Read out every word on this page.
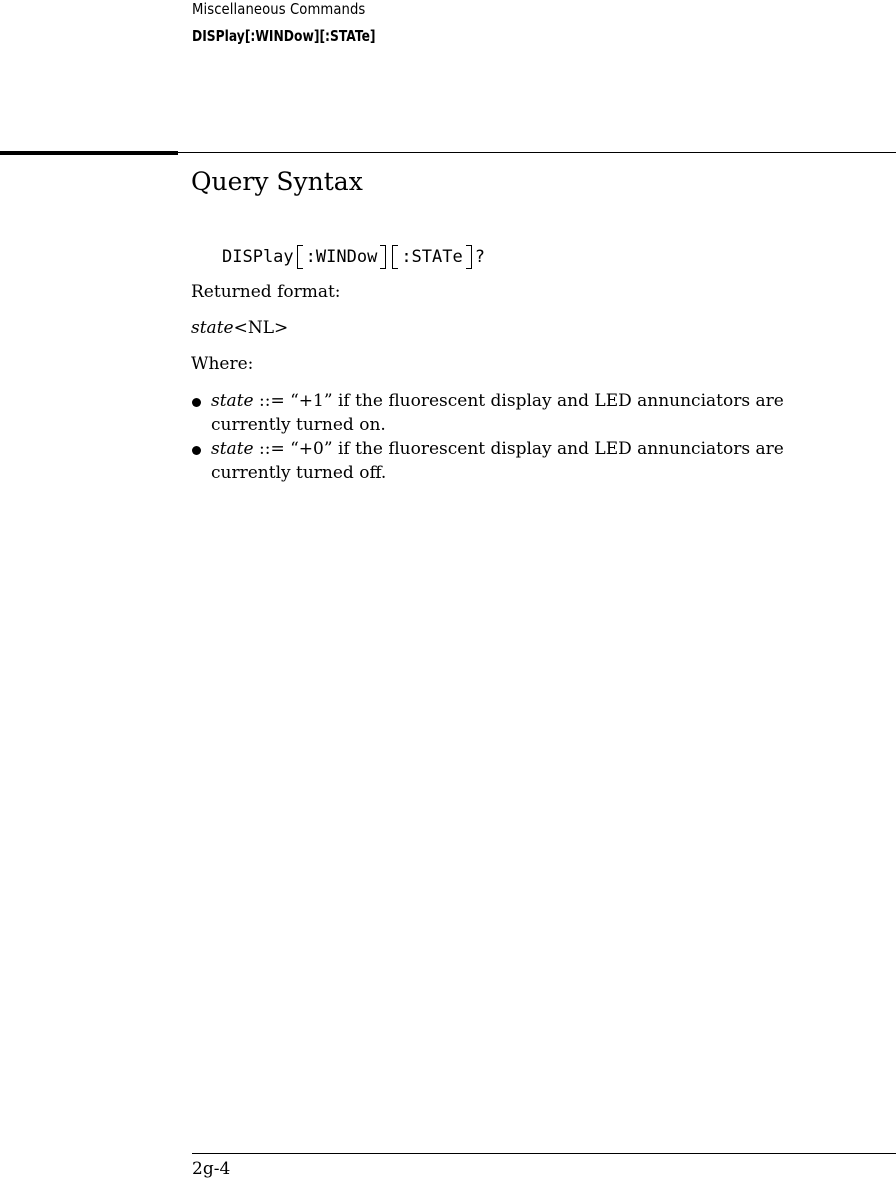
Miscellaneous Commands
DISPlay[:WINDow][:STATe]
Query Syntax
DISPlay :WINDow :STATe ?
Returned format:
state<NL>
Where:
state ::= “+1” if the fluorescent display and LED annunciators are currently turned on.
state ::= “+0” if the fluorescent display and LED annunciators are currently turned off.
2g-4
